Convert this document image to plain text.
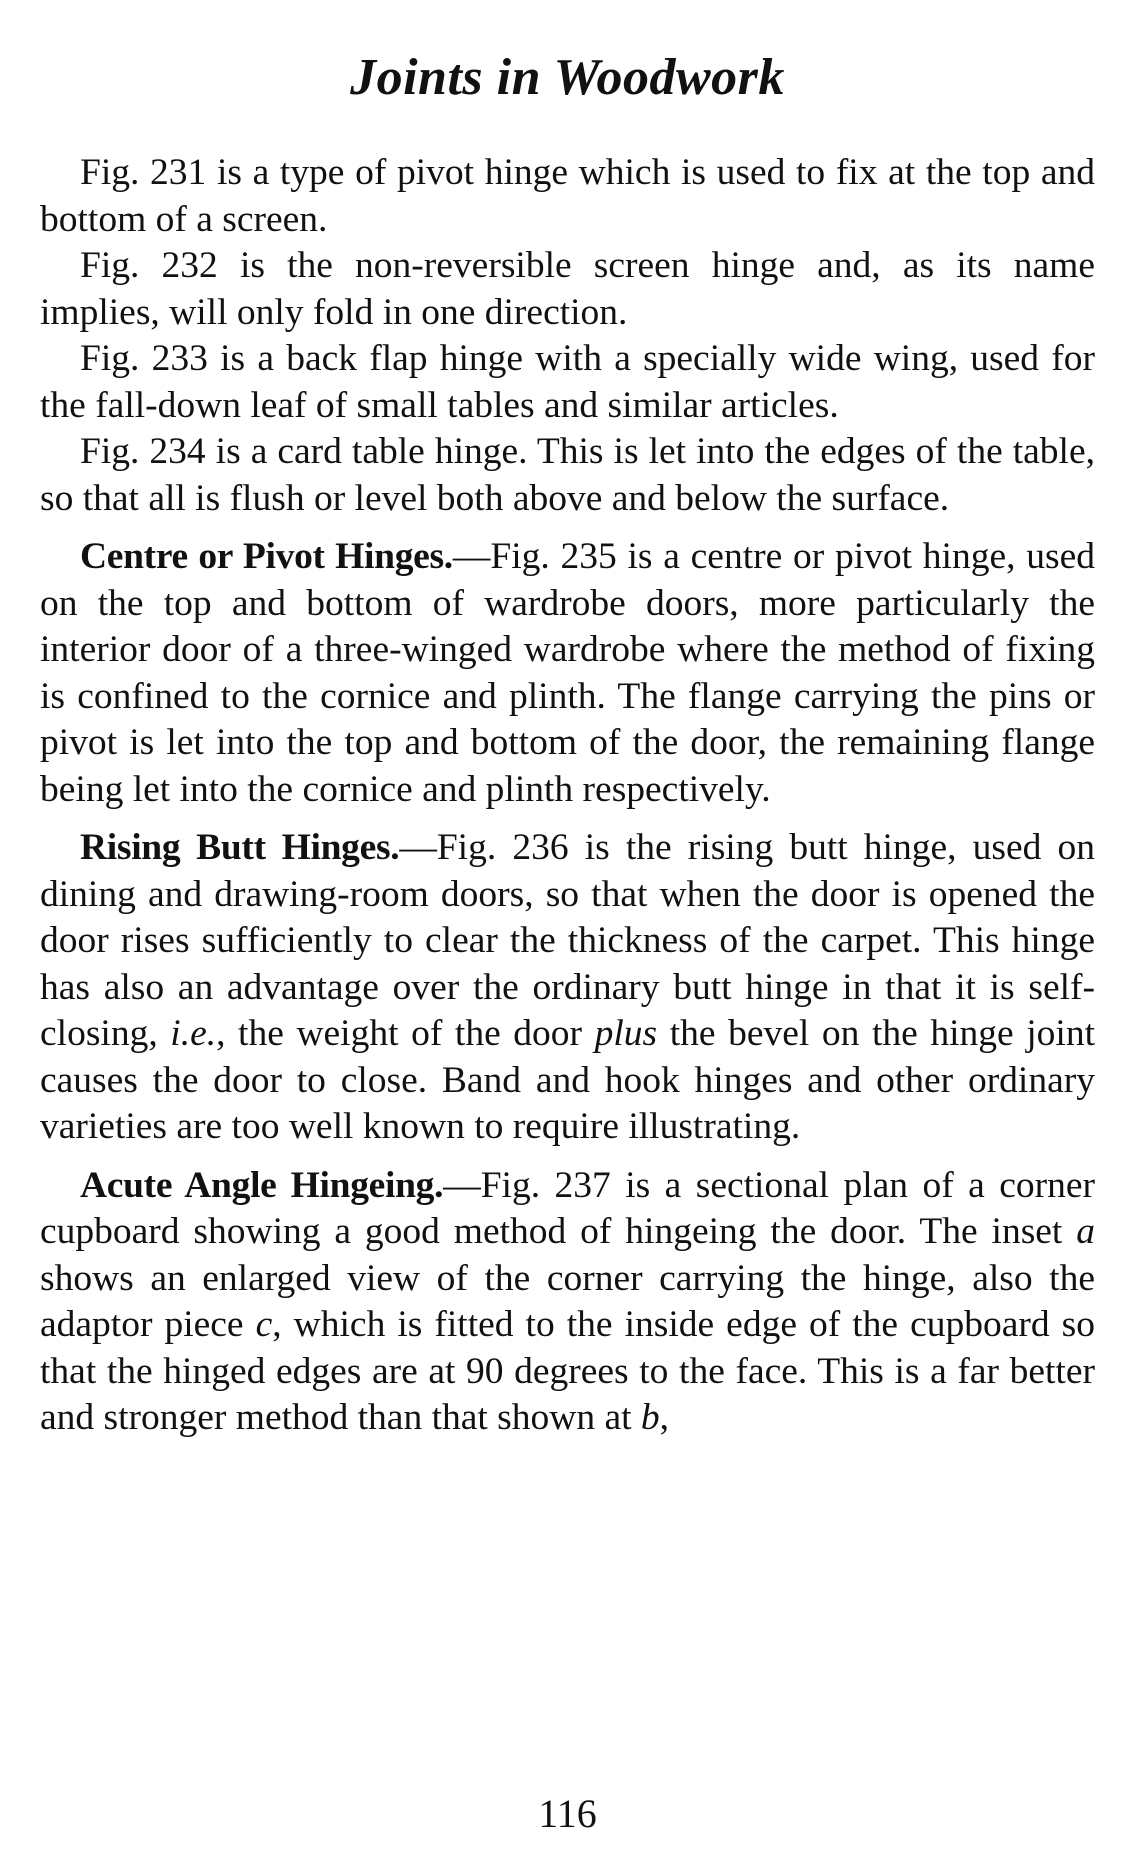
Joints in Woodwork

Fig. 231 is a type of pivot hinge which is used to fix at the top and bottom of a screen.

Fig. 232 is the non-reversible screen hinge and, as its name implies, will only fold in one direction.

Fig. 233 is a back flap hinge with a specially wide wing, used for the fall-down leaf of small tables and similar articles.

Fig. 234 is a card table hinge. This is let into the edges of the table, so that all is flush or level both above and below the surface.

Centre or Pivot Hinges.—Fig. 235 is a centre or pivot hinge, used on the top and bottom of wardrobe doors, more particularly the interior door of a three-winged wardrobe where the method of fixing is confined to the cornice and plinth. The flange carrying the pins or pivot is let into the top and bottom of the door, the remaining flange being let into the cornice and plinth respectively.

Rising Butt Hinges.—Fig. 236 is the rising butt hinge, used on dining and drawing-room doors, so that when the door is opened the door rises sufficiently to clear the thickness of the carpet. This hinge has also an advantage over the ordinary butt hinge in that it is self-closing, i.e., the weight of the door plus the bevel on the hinge joint causes the door to close. Band and hook hinges and other ordinary varieties are too well known to require illustrating.

Acute Angle Hingeing.—Fig. 237 is a sectional plan of a corner cupboard showing a good method of hingeing the door. The inset a shows an enlarged view of the corner carrying the hinge, also the adaptor piece c, which is fitted to the inside edge of the cupboard so that the hinged edges are at 90 degrees to the face. This is a far better and stronger method than that shown at b,

116
